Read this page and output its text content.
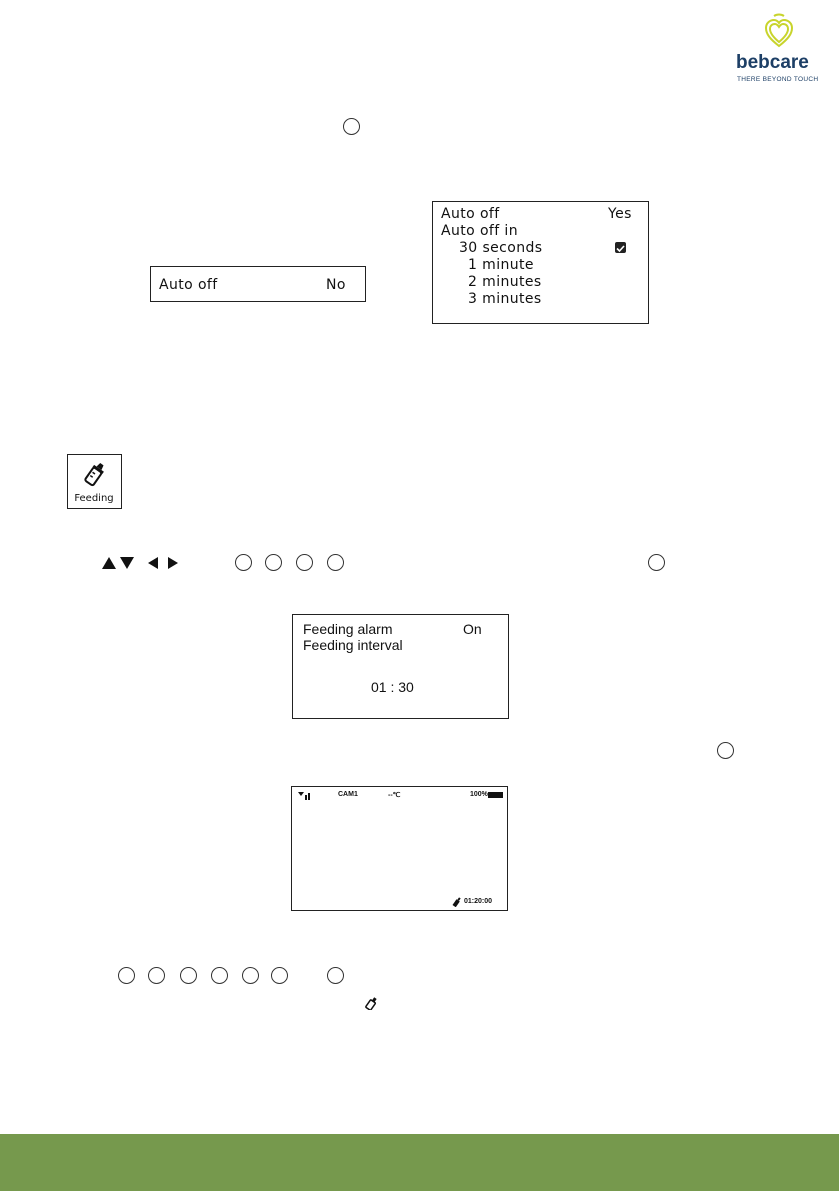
bebcare
THERE BEYOND TOUCH
Auto off	No
Auto off	Yes
Auto off in
30 seconds
1 minute
2 minutes
3 minutes
Feeding
Feeding alarm	On
Feeding interval
01 : 30
CAM1	--℃	100%
01:20:00
